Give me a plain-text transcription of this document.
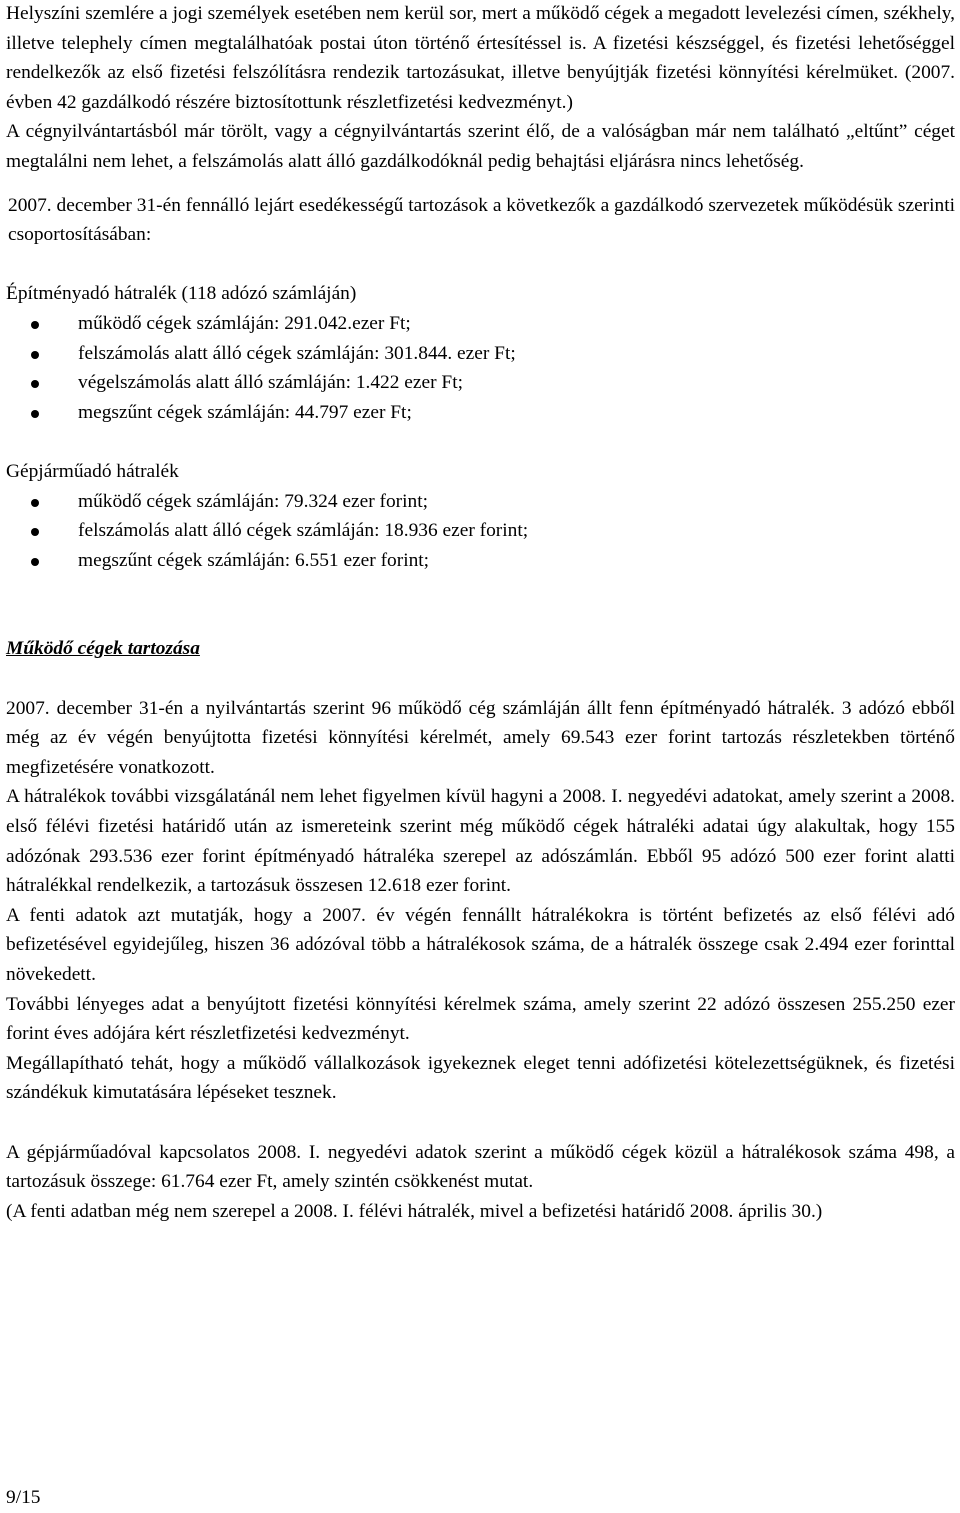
Helyszíni szemlére a jogi személyek esetében nem kerül sor, mert a működő cégek a megadott levelezési címen, székhely, illetve telephely címen megtalálhatóak postai úton történő értesítéssel is. A fizetési készséggel, és fizetési lehetőséggel rendelkezők az első fizetési felszólításra rendezik tartozásukat, illetve benyújtják fizetési könnyítési kérelmüket. (2007. évben 42 gazdálkodó részére biztosítottunk részletfizetési kedvezményt.)

A cégnyilvántartásból már törölt, vagy a cégnyilvántartás szerint élő, de a valóságban már nem található „eltűnt” céget megtalálni nem lehet, a felszámolás alatt álló gazdálkodóknál pedig behajtási eljárásra nincs lehetőség.

2007. december 31-én fennálló lejárt esedékességű tartozások a következők a gazdálkodó szervezetek működésük szerinti csoportosításában:

Építményadó hátralék (118 adózó számláján)

működő cégek számláján: 291.042.ezer Ft;
felszámolás alatt álló cégek számláján: 301.844. ezer Ft;
végelszámolás alatt álló számláján: 1.422 ezer Ft;
megszűnt cégek számláján: 44.797 ezer Ft;

Gépjárműadó hátralék

működő cégek számláján: 79.324 ezer forint;
felszámolás alatt álló cégek számláján: 18.936 ezer forint;
megszűnt cégek számláján: 6.551 ezer forint;

Működő cégek tartozása

2007. december 31-én a nyilvántartás szerint 96 működő cég számláján állt fenn építményadó hátralék. 3 adózó ebből még az év végén benyújtotta fizetési könnyítési kérelmét, amely 69.543 ezer forint tartozás részletekben történő megfizetésére vonatkozott.

A hátralékok további vizsgálatánál nem lehet figyelmen kívül hagyni a 2008. I. negyedévi adatokat, amely szerint a 2008. első félévi fizetési határidő után az ismereteink szerint még működő cégek hátraléki adatai úgy alakultak, hogy 155 adózónak 293.536 ezer forint építményadó hátraléka szerepel az adószámlán. Ebből 95 adózó 500 ezer forint alatti hátralékkal rendelkezik, a tartozásuk összesen 12.618 ezer forint.

A fenti adatok azt mutatják, hogy a 2007. év végén fennállt hátralékokra is történt befizetés az első félévi adó befizetésével egyidejűleg, hiszen 36 adózóval több a hátralékosok száma, de a hátralék összege csak 2.494 ezer forinttal növekedett.

További lényeges adat a benyújtott fizetési könnyítési kérelmek száma, amely szerint 22 adózó összesen 255.250 ezer forint éves adójára kért részletfizetési kedvezményt.

Megállapítható tehát, hogy a működő vállalkozások igyekeznek eleget tenni adófizetési kötelezettségüknek, és fizetési szándékuk kimutatására lépéseket tesznek.

A gépjárműadóval kapcsolatos 2008. I. negyedévi adatok szerint a működő cégek közül a hátralékosok száma 498, a tartozásuk összege: 61.764 ezer Ft, amely szintén csökkenést mutat.

(A fenti adatban még nem szerepel a 2008. I. félévi hátralék, mivel a befizetési határidő 2008. április 30.)

9/15
